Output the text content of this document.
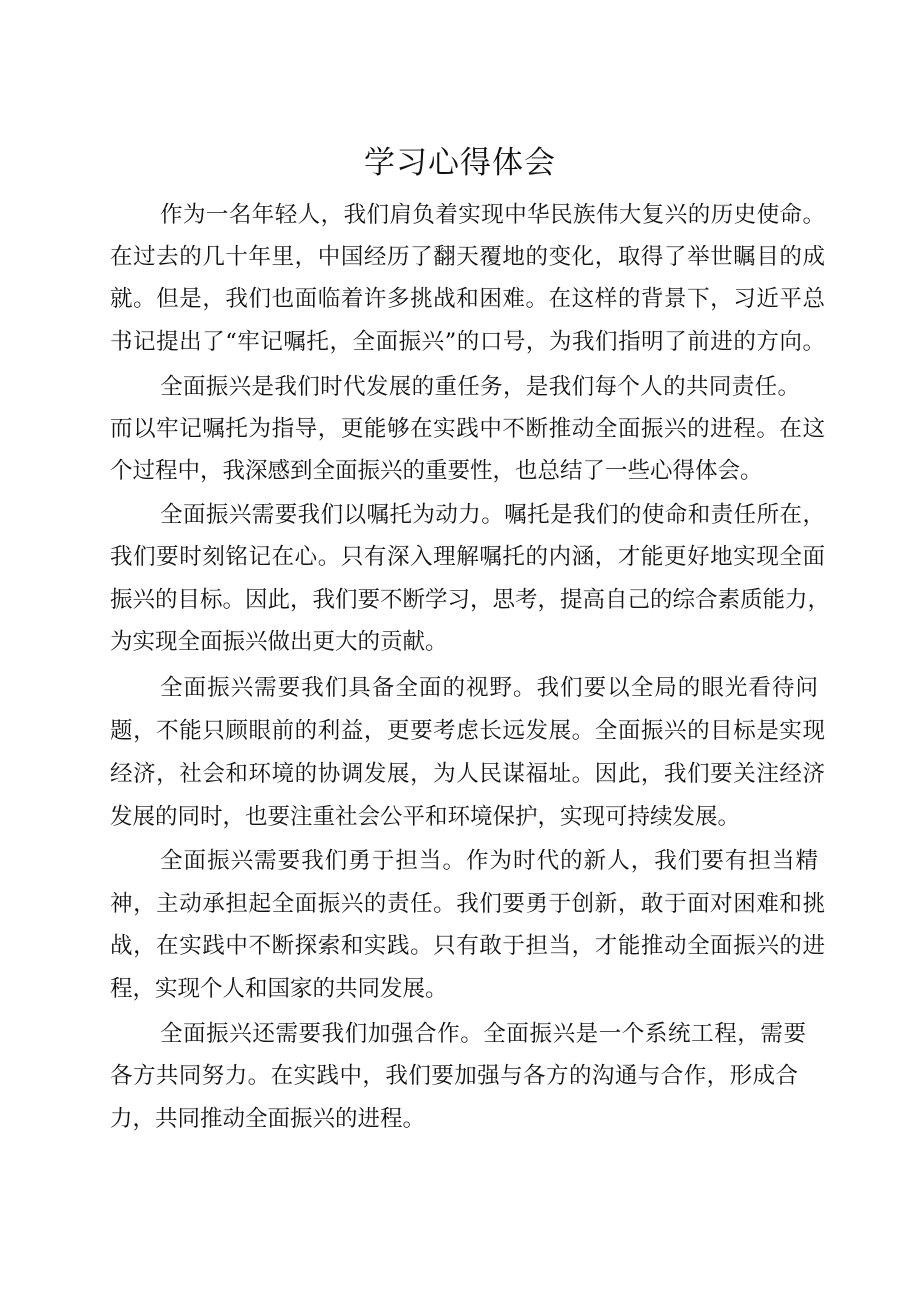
学习心得体会

作为一名年轻人，我们肩负着实现中华民族伟大复兴的历史使命。

在过去的几十年里，中国经历了翻天覆地的变化，取得了举世瞩目的成

就。但是，我们也面临着许多挑战和困难。在这样的背景下，习近平总

书记提出了“牢记嘱托，全面振兴”的口号，为我们指明了前进的方向。

全面振兴是我们时代发展的重任务，是我们每个人的共同责任。

而以牢记嘱托为指导，更能够在实践中不断推动全面振兴的进程。在这

个过程中，我深感到全面振兴的重要性，也总结了一些心得体会。

全面振兴需要我们以嘱托为动力。嘱托是我们的使命和责任所在，

我们要时刻铭记在心。只有深入理解嘱托的内涵，才能更好地实现全面

振兴的目标。因此，我们要不断学习，思考，提高自己的综合素质能力，

为实现全面振兴做出更大的贡献。

全面振兴需要我们具备全面的视野。我们要以全局的眼光看待问

题，不能只顾眼前的利益，更要考虑长远发展。全面振兴的目标是实现

经济，社会和环境的协调发展，为人民谋福址。因此，我们要关注经济

发展的同时，也要注重社会公平和环境保护，实现可持续发展。

全面振兴需要我们勇于担当。作为时代的新人，我们要有担当精

神，主动承担起全面振兴的责任。我们要勇于创新，敢于面对困难和挑

战，在实践中不断探索和实践。只有敢于担当，才能推动全面振兴的进

程，实现个人和国家的共同发展。

全面振兴还需要我们加强合作。全面振兴是一个系统工程，需要

各方共同努力。在实践中，我们要加强与各方的沟通与合作，形成合

力，共同推动全面振兴的进程。
